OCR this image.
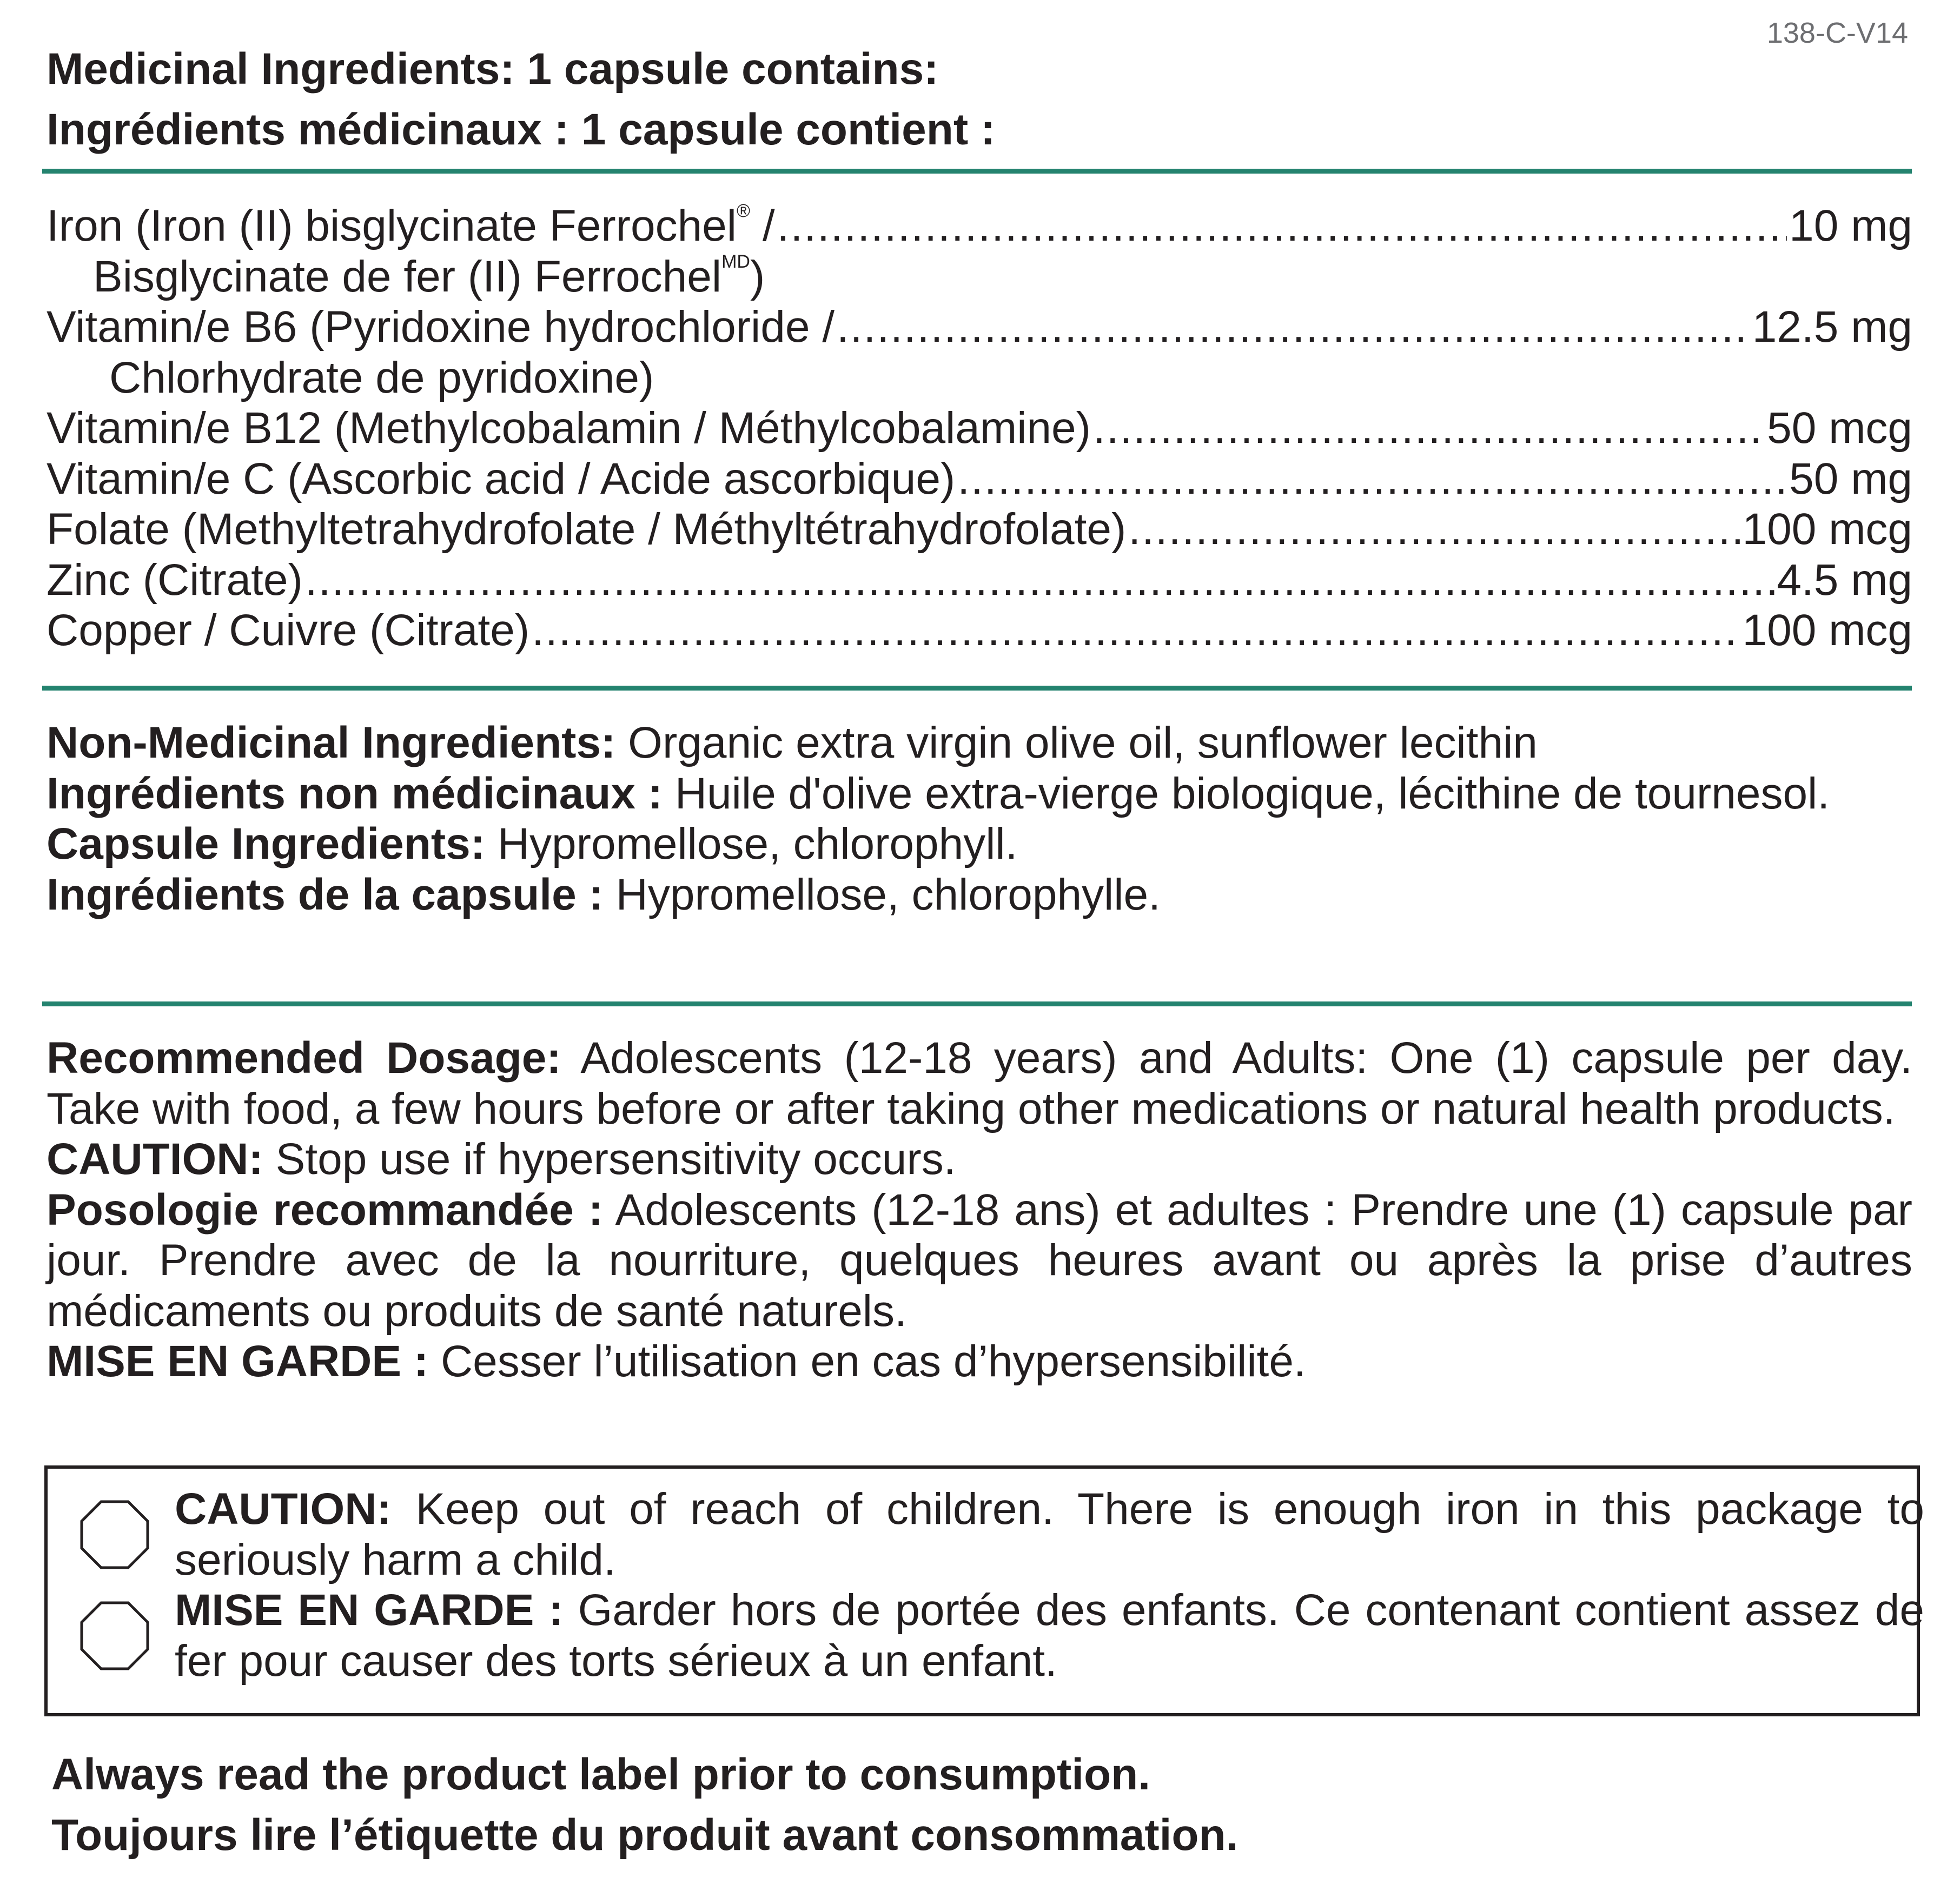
138-C-V14
Medicinal Ingredients: 1 capsule contains:
Ingrédients médicinaux : 1 capsule contient :
Iron (Iron (II) bisglycinate Ferrochel® / .....	10 mg
Bisglycinate de fer (II) Ferrochel$^{MD}$)
Vitamin/e B6 (Pyridoxine hydrochloride / .....	12.5 mg
Chlorhydrate de pyridoxine)
Vitamin/e B12 (Methylcobalamin / Méthylcobalamine) .....	50 mcg
Vitamin/e C (Ascorbic acid / Acide ascorbique) .....	50 mg
Folate (Methyltetrahydrofolate / Méthyltétrahydrofolate) .....	100 mcg
Zinc (Citrate) .....	4.5 mg
Copper / Cuivre (Citrate) .....	100 mcg

Non-Medicinal Ingredients: Organic extra virgin olive oil, sunflower lecithin

Ingrédients non médicinaux : Huile d'olive extra-vierge biologique, lécithine de tournesol.

Capsule Ingredients: Hypromellose, chlorophyll.

Ingrédients de la capsule : Hypromellose, chlorophylle.

Recommended Dosage: Adolescents (12-18 years) and Adults: One (1) capsule per day. Take with food, a few hours before or after taking other medications or natural health products.

CAUTION: Stop use if hypersensitivity occurs.

Posologie recommandée : Adolescents (12-18 ans) et adultes : Prendre une (1) capsule par jour. Prendre avec de la nourriture, quelques heures avant ou après la prise d’autres médicaments ou produits de santé naturels.

MISE EN GARDE : Cesser l’utilisation en cas d’hypersensibilité.

CAUTION: Keep out of reach of children. There is enough iron in this package to seriously harm a child.

MISE EN GARDE : Garder hors de portée des enfants. Ce contenant contient assez de fer pour causer des torts sérieux à un enfant.

Always read the product label prior to consumption.
Toujours lire l’étiquette du produit avant consommation.
